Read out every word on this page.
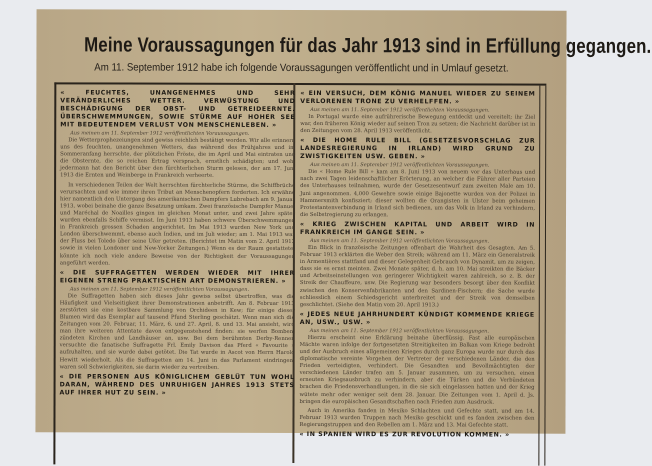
Meine Voraussagungen für das Jahr 1913 sind in Erfüllung gegangen.
Am 11. September 1912 habe ich folgende Voraussagungen veröffentlicht und in Umlauf gesetzt.
« FEUCHTES, UNANGENEHMES UND SEHR VERÄNDERLICHES WETTER. VERWÜSTUNG UND BESCHÄDIGUNG DER OBST- UND GETREIDEERNTE. ÜBERSCHWEMMUNGEN, SOWIE STÜRME AUF HOHER SEE MIT BEDEUTENDEM VERLUST VON MENSCHENLEBEN. »
Aus meinen am 11. September 1912 veröffentlichten Voraussagungen.
Die Wetterprophezeiungen sind gewiss reichlich bestätigt worden. Wir alle erinnern uns des feuchten, unangenehmen Wetters, das während des Frühjahres und im Sommeranfang herrschte, der plötzlichen Fröste, die im April und Mai eintraten und die Obsternte, die so reichen Ertrag versprach, ernstlich schädigten; und wohl jedermann hat den Bericht über den fürchterlichen Sturm gelesen, der am 17. Juni 1913 die Ernten und Weinberge in Frankreich verheerte.
In verschiedenen Teilen der Welt herrschten fürchterliche Stürme, die Schiffbrüche verursachten und wie immer ihren Tribut an Menschenopfern forderten. Ich erwähne hier namentlich den Untergang des amerikanischen Dampfers Lubrebach am 9. Januar 1913, wobei beinahe die ganze Besatzung umkam. Zwei französische Dampfer Manuel und Maréchal de Noailles gingen im gleichen Monat unter, und zwei Jahre später wurden ebenfalls Schiffe vermisst. Im Juni 1913 haben schwere Überschwemmungen in Frankreich grossen Schaden angerichtet. Im Mai 1913 wurden New York und London überschwemmt, ebenso auch Indien, und im Juli wieder; am 1. Mai 1913 war der Fluss bei Toledo über seine Ufer getreten. (Berichtet im Matin vom 2. April 1913 sowie in vielen Londoner und New-Yorker Zeitungen.) Wenn es der Raum gestattete, könnte ich noch viele andere Beweise von der Richtigkeit der Voraussagungen angeführt werden.
« DIE SUFFRAGETTEN WERDEN WIEDER MIT IHRER EIGENEN STRENG PRAKTISCHEN ART DEMONSTRIEREN. »
Aus meinen am 11. September 1912 veröffentlichten Voraussagungen.
Die Suffragetten haben sich dieses Jahr gewiss selbst übertroffen, was die Häufigkeit und Vielseitigkeit ihrer Demonstrationen anbetrifft. Am 8. Februar 1913 zerstörten sie eine kostbare Sammlung von Orchideen in Kew; für einige dieser Blumen wird das Exemplar auf tausend Pfund Sterling geschätzt. Wenn man sich die Zeitungen vom 20. Februar, 11. März, 6. und 27. April, 8. und 13. Mai ansieht, wird man ihre weiteren Attentate davon entgegenstehend finden: sie werfen Bomben, zündeten Kirchen und Landhäuser an, usw. Bei dem berühmten Derby-Rennen versuchte die fanatische Suffragette Frl. Emily Davison das Pferd « Favourite » aufzuhalten, und sie wurde dabei getötet. Die Tat wurde in Ascot von Herrn Harold Hewitt wiederholt. Als die Suffragetten am 14. Juni in das Parlament eindringen, waren soll Schwierigkeiten, sie darin wieder zu vertreiben.
« DIE PERSONEN AUS KÖNIGLICHEM GEBLÜT TUN WOHL DARAN, WÄHREND DES UNRUHIGEN JAHRES 1913 STETS AUF IHRER HUT ZU SEIN. »
« EIN VERSUCH, DEM KÖNIG MANUEL WIEDER ZU SEINEM VERLORENEN TRONE ZU VERHELFFEN. »
Aus meinen am 11. September 1912 veröffentlichten Voraussagungen.
In Portugal wurde eine aufrührerische Bewegung entdeckt und vereitelt; ihr Ziel war, den früheren König wieder auf seinen Tron zu setzen; die Nachricht darüber ist in den Zeitungen vom 28. April 1913 veröffentlicht.
« DIE HOME RULE BILL (GESETZESVORSCHLAG ZUR LANDESREGIERUNG IN IRLAND) WIRD GRUND ZU ZWISTIGKEITEN USW. GEBEN. »
Aus meinen am 11. September 1912 veröffentlichten Voraussagungen.
Die « Home Rule Bill » kam am 8. Juni 1913 von neuem vor das Unterhaus und nach zwei Tagen leidenschaftlicher Erörterung, an welcher die Führer aller Parteien des Unterhauses teilnahmen, wurde der Gesetzesentwurf zum zweiten Male am 10. Juni angenommen. 4,000 Gewehre sowie einige Bajonette wurden von der Polizei in Hammersmith konfisziert; dieser wollten die Orangisten in Ulster beim geheimen Protestantenverbindung in Irland sich bedienen, um das Volk in Irland zu verhindern, die Selbstregierung zu erlangen.
« KRIEG ZWISCHEN KAPITAL UND ARBEIT WIRD IN FRANKREICH IM GANGE SEIN. »
Aus meinen am 11. September 1912 veröffentlichten Voraussagungen.
Ein Blick in französische Zeitungen offenbart die Wahrheit des Gesagten. Am 5. Februar 1913 erklärten die Weber den Streik; während am 11. März ein Generalstreik in Armentières stattfand und dieser Gelegenheit Gebrauch von Dynamit, um zu zeigen, dass sie es ernst meinten. Zwei Monate später, d. h. am 10. Mai streikten die Bäcker und Arbeitseinstellungen von geringerer Wichtigkeit waren zahlreich, so z. B. der Streik der Chauffeure, usw. Die Regierung war besonders besorgt über den Konflikt zwischen den Konservenfabrikanten und den Sardinen-Fischern; die Sache wurde schliesslich einem Schiedsgericht unterbreitet und der Streik von demselben geschlichtet. (Siehe den Matin vom 20. April 1913.)
« JEDES NEUE JAHRHUNDERT KÜNDIGT KOMMENDE KRIEGE AN, USW., USW. »
Aus meinen am 11. September 1912 veröffentlichten Voraussagungen.
Hierzu erscheint eine Erklärung beinahe überflüssig. Fast alle europäischen Mächte waren infolge der fortgesetzten Streitigkeiten im Balkan vom Kriege bedroht und der Ausbruch eines allgemeinen Krieges durch ganz Europa wurde nur durch das diplomatische vereinte Vorgehen der Vertreter der verschiedenen Länder, die den Frieden verteidigten, verhindert. Die Gesandten und Bevollmächtigten der verschiedenen Länder trafen am 5. Januar zusammen, um zu versuchen, einen erneuten Kriegsausbruch zu verhindern, aber die Türken und die Verbündeten brachen die Friedensverhandlungen, in die sie sich eingelassen hatten und der Krieg wütete mehr oder weniger seit dem 28. Januar. Die Zeitungen vom 1. April d. Js. bringen die europäischen Gesandtschaften nach Frieden zum Ausdruck.
Auch in Amerika fanden in Mexiko Schlachten und Gefechte statt, und am 14. Februar 1913 wurden Truppen nach Mexiko geschickt und es fanden zwischen den Regierungstruppen und den Rebellen am 1. März und 13. Mai Gefechte statt.
« IN SPANIEN WIRD ES ZUR REVOLUTION KOMMEN. »
